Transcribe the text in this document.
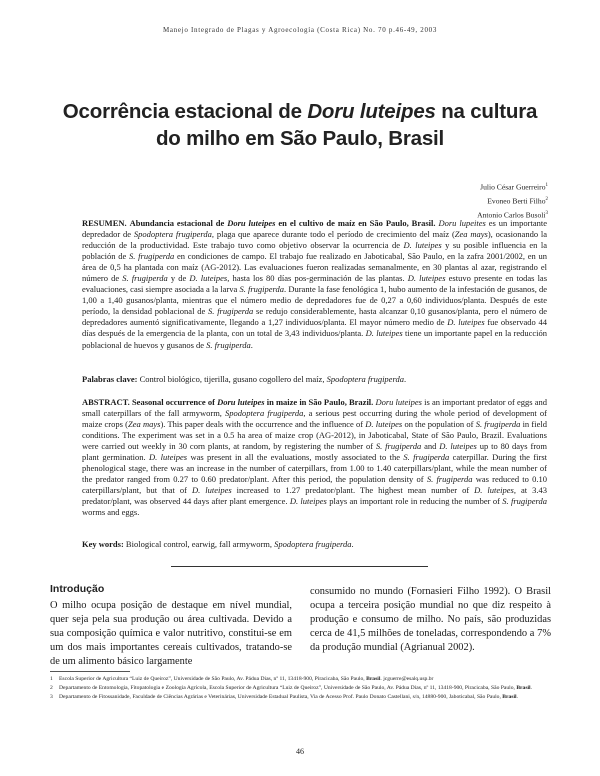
Manejo Integrado de Plagas y Agroecología (Costa Rica) No. 70 p.46-49, 2003
Ocorrência estacional de Doru luteipes na cultura do milho em São Paulo, Brasil
Julio César Guerreiro$^1$
Evoneo Berti Filho$^2$
Antonio Carlos Busoli$^3$

RESUMEN. Abundancia estacional de Doru luteipes en el cultivo de maíz en São Paulo, Brasil. Doru lupeites es un importante depredador de Spodoptera frugiperda, plaga que aparece durante todo el período de crecimiento del maíz (Zea mays), ocasionando la reducción de la productividad. Este trabajo tuvo como objetivo observar la ocurrencia de D. luteipes y su posible influencia en la población de S. frugiperda en condiciones de campo. El trabajo fue realizado en Jaboticabal, São Paulo, en la zafra 2001/2002, en un área de 0,5 ha plantada con maíz (AG-2012). Las evaluaciones fueron realizadas semanalmente, en 30 plantas al azar, registrando el número de S. frugiperda y de D. luteipes, hasta los 80 días pos-germinación de las plantas. D. luteipes estuvo presente en todas las evaluaciones, casi siempre asociada a la larva S. frugiperda. Durante la fase fenológica 1, hubo aumento de la infestación de gusanos, de 1,00 a 1,40 gusanos/planta, mientras que el número medio de depredadores fue de 0,27 a 0,60 individuos/planta. Después de este período, la densidad poblacional de S. frugiperda se redujo considerablemente, hasta alcanzar 0,10 gusanos/planta, pero el número de depredadores aumentó significativamente, llegando a 1,27 individuos/planta. El mayor número medio de D. luteipes fue observado 44 días después de la emergencia de la planta, con un total de 3,43 individuos/planta. D. luteipes tiene un importante papel en la reducción poblacional de huevos y gusanos de S. frugiperda.

Palabras clave: Control biológico, tijerilla, gusano cogollero del maíz, Spodoptera frugiperda.

ABSTRACT. Seasonal occurrence of Doru luteipes in maize in São Paulo, Brazil. Doru luteipes is an important predator of eggs and small caterpillars of the fall armyworm, Spodoptera frugiperda, a serious pest occurring during the whole period of development of maize crops (Zea mays). This paper deals with the occurrence and the influence of D. luteipes on the population of S. frugiperda in field conditions. The experiment was set in a 0.5 ha area of maize crop (AG-2012), in Jaboticabal, State of São Paulo, Brazil. Evaluations were carried out weekly in 30 corn plants, at random, by registering the number of S. frugiperda and D. luteipes up to 80 days from plant germination. D. luteipes was present in all the evaluations, mostly associated to the S. frugiperda caterpillar. During the first phenological stage, there was an increase in the number of caterpillars, from 1.00 to 1.40 caterpillars/plant, while the mean number of the predator ranged from 0.27 to 0.60 predator/plant. After this period, the population density of S. frugiperda was reduced to 0.10 caterpillars/plant, but that of D. luteipes increased to 1.27 predator/plant. The highest mean number of D. luteipes, at 3.43 predator/plant, was observed 44 days after plant emergence. D. luteipes plays an important role in reducing the number of S. frugiperda worms and eggs.

Key words: Biological control, earwig, fall armyworm, Spodoptera frugiperda.

Introdução

O milho ocupa posição de destaque em nível mundial, quer seja pela sua produção ou área cultivada. Devido a sua composição química e valor nutritivo, constitui-se em um dos mais importantes cereais cultivados, tratando-se de um alimento básico largamente

consumido no mundo (Fornasieri Filho 1992). O Brasil ocupa a terceira posição mundial no que diz respeito à produção e consumo de milho. No país, são produzidas cerca de 41,5 milhões de toneladas, correspondendo a 7% da produção mundial (Agrianual 2002).

1	Escola Superior de Agricultura “Luiz de Queiroz”, Universidade de São Paulo, Av. Pádua Dias, nº 11, 13418-900, Piracicaba, São Paulo, Brasil. jcguerre@esalq.usp.br
2	Departamento de Entomologia, Fitopatologia e Zoologia Agrícola, Escola Superior de Agricultura “Luiz de Queiroz”, Universidade de São Paulo, Av. Pádua Dias, nº 11, 13418-900, Piracicaba, São Paulo, Brasil.
3	Departamento de Fitossanidade, Faculdade de Ciências Agrárias e Veterinárias, Universidade Estadual Paulista, Via de Acesso Prof. Paulo Donato Castellani, s/n, 14880-900, Jaboticabal, São Paulo, Brasil.
46
